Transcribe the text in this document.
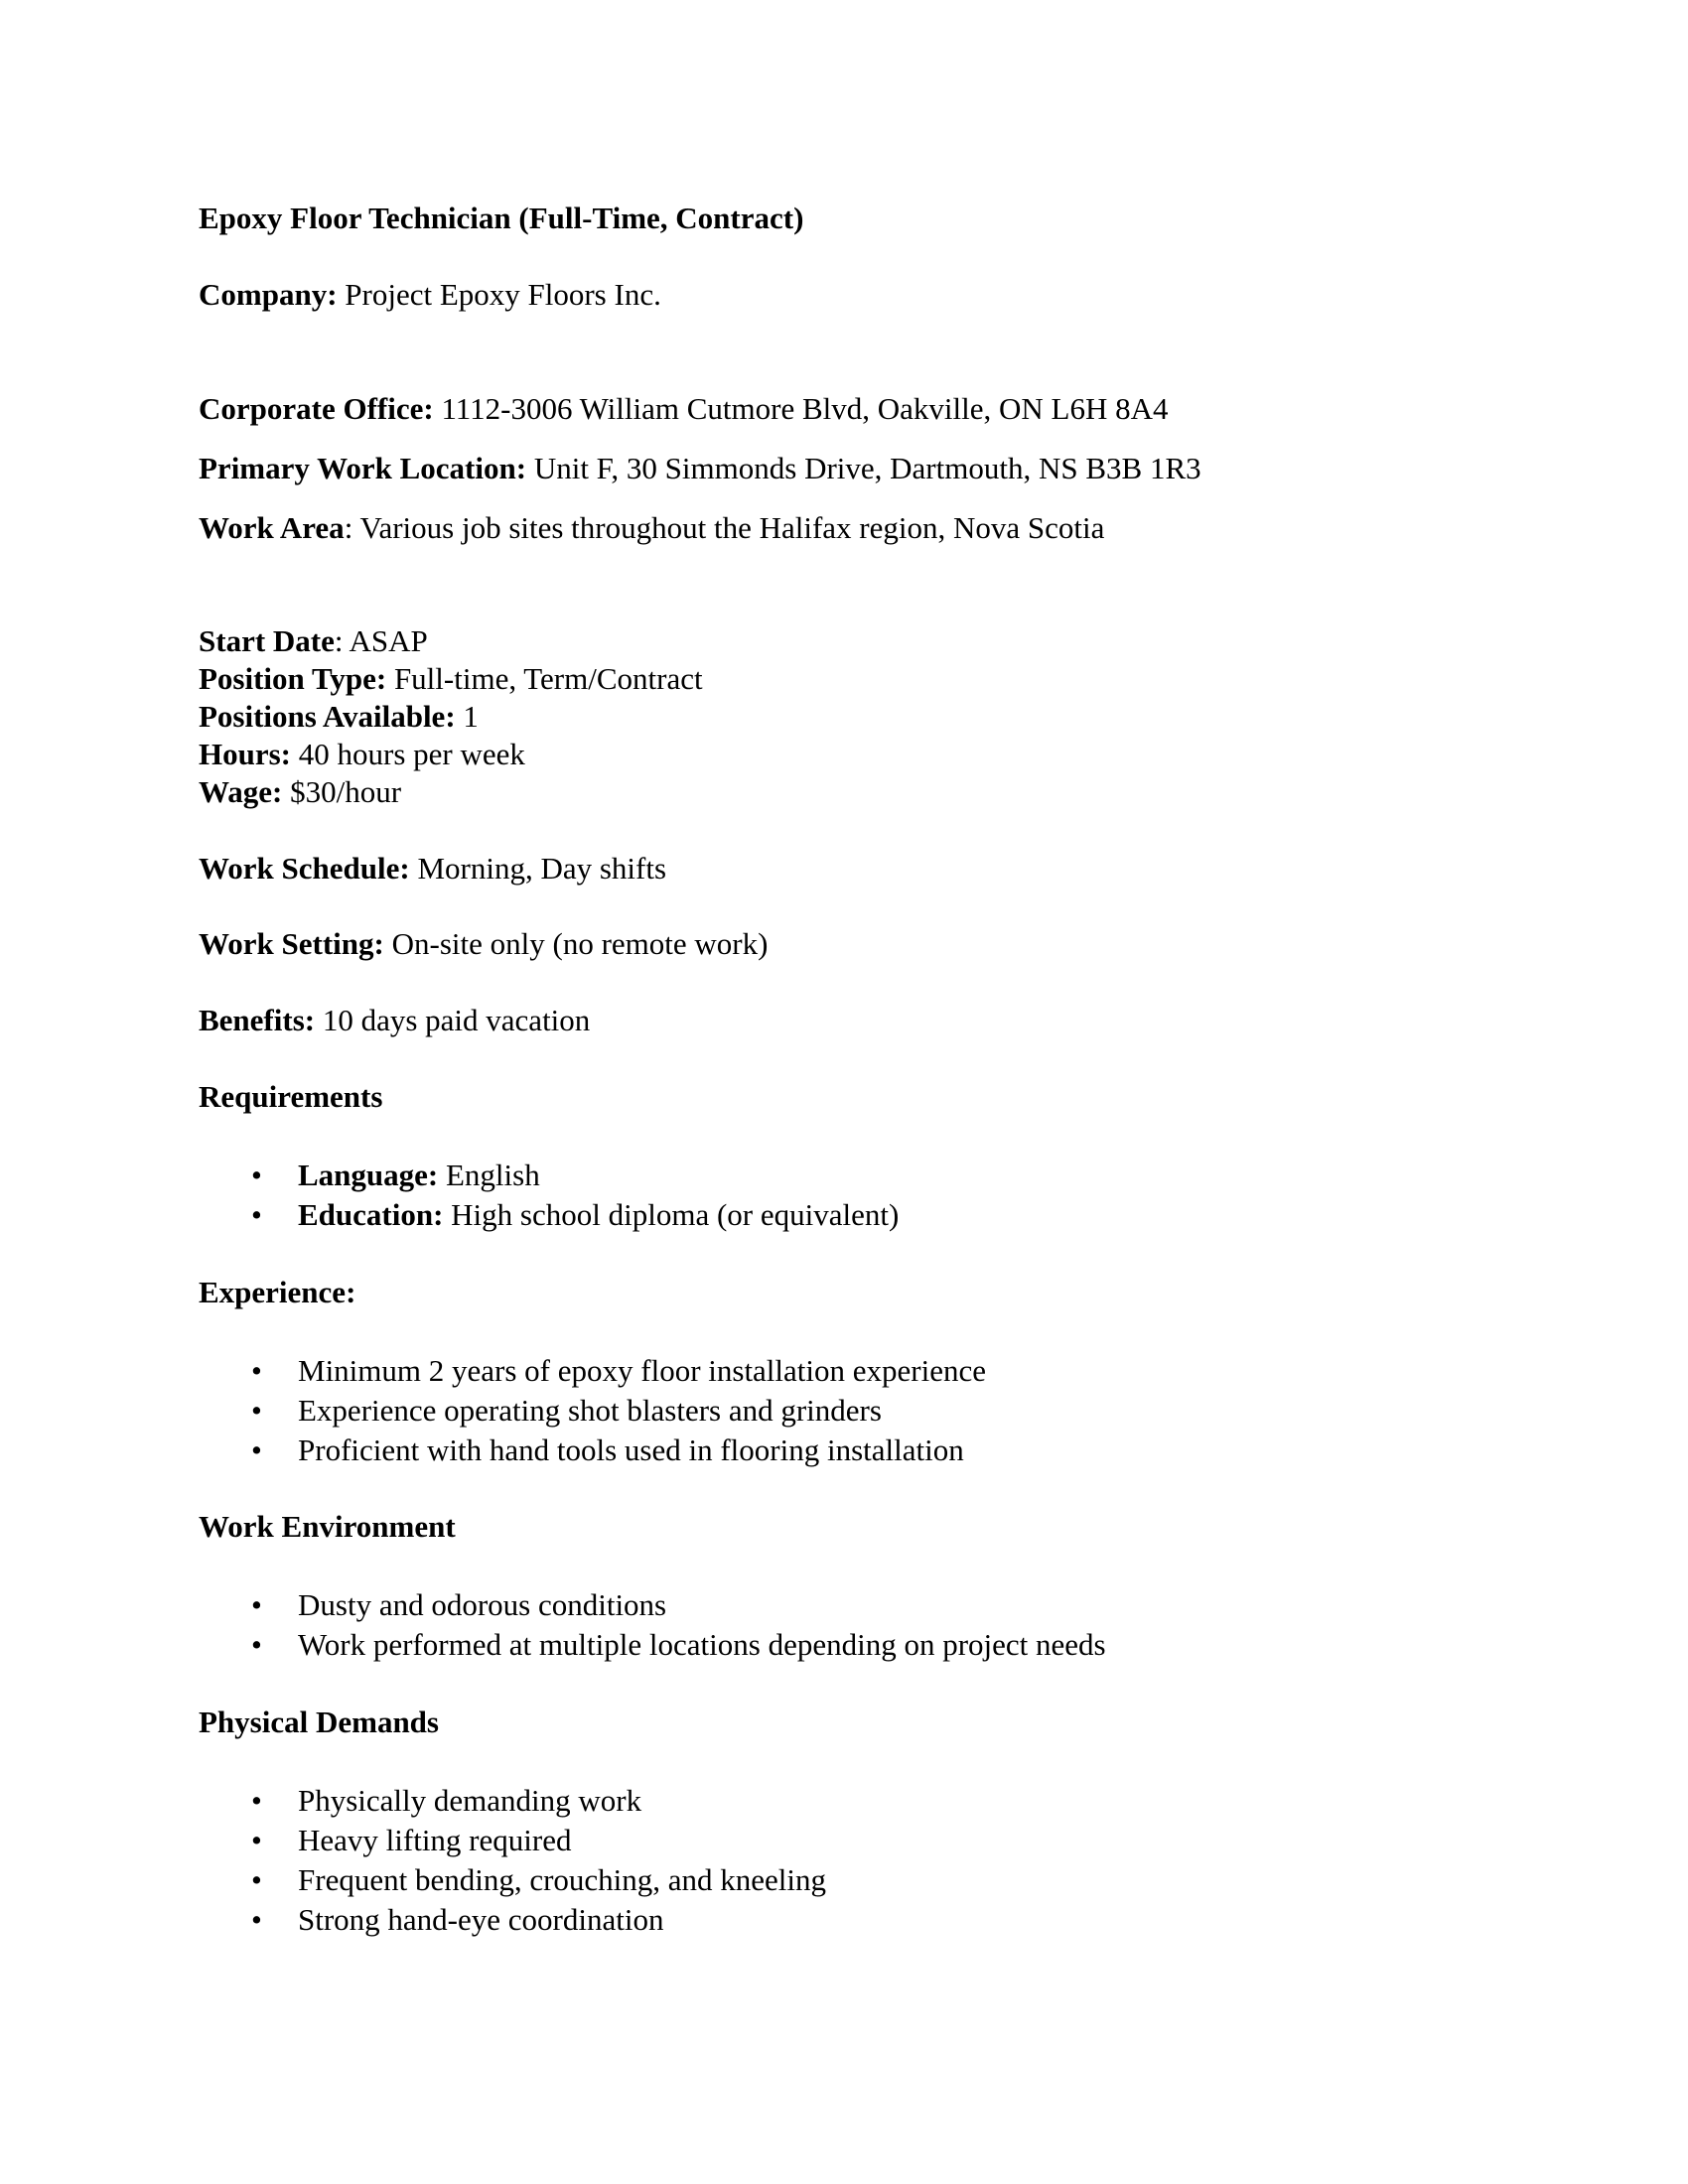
Epoxy Floor Technician (Full-Time, Contract)
Company: Project Epoxy Floors Inc.
Corporate Office: 1112-3006 William Cutmore Blvd, Oakville, ON L6H 8A4
Primary Work Location: Unit F, 30 Simmonds Drive, Dartmouth, NS B3B 1R3
Work Area: Various job sites throughout the Halifax region, Nova Scotia
Start Date: ASAP
Position Type: Full-time, Term/Contract
Positions Available: 1
Hours: 40 hours per week
Wage: $30/hour
Work Schedule: Morning, Day shifts
Work Setting: On-site only (no remote work)
Benefits: 10 days paid vacation
Requirements
• Language: English
• Education: High school diploma (or equivalent)
Experience:
• Minimum 2 years of epoxy floor installation experience
• Experience operating shot blasters and grinders
• Proficient with hand tools used in flooring installation
Work Environment
• Dusty and odorous conditions
• Work performed at multiple locations depending on project needs
Physical Demands
• Physically demanding work
• Heavy lifting required
• Frequent bending, crouching, and kneeling
• Strong hand-eye coordination
